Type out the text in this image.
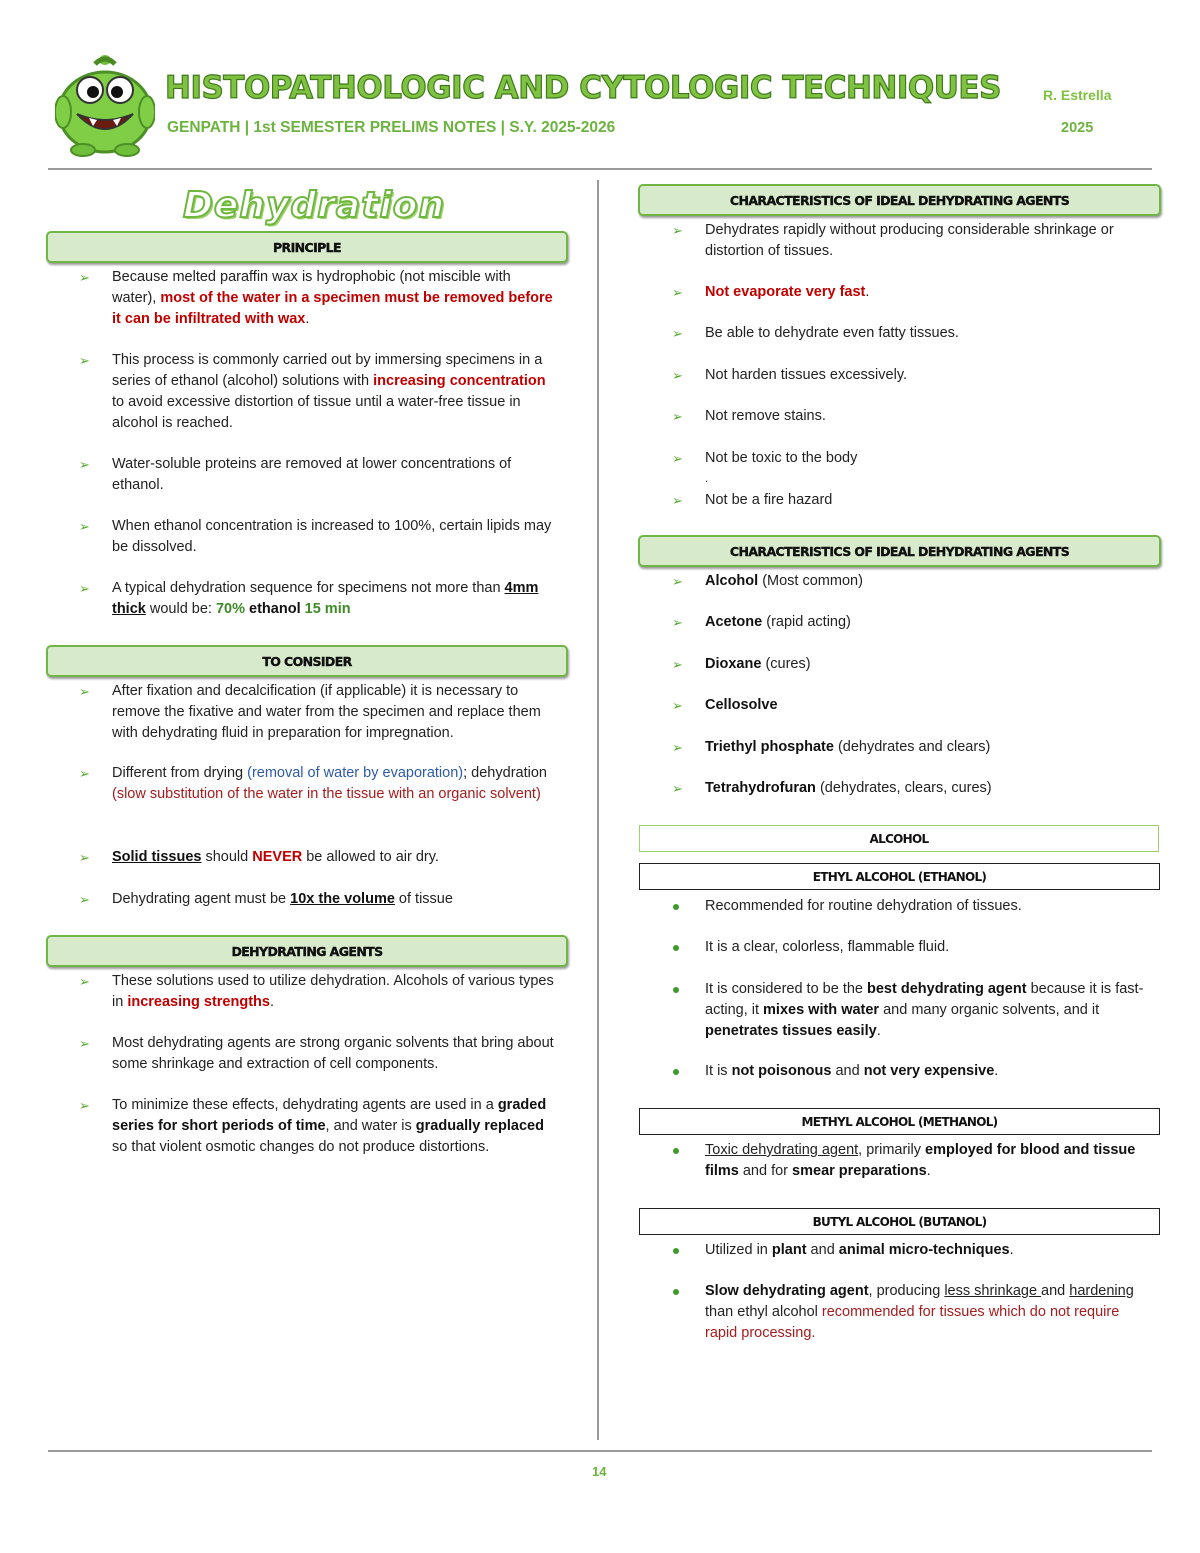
HISTOPATHOLOGIC AND CYTOLOGIC TECHNIQUES
GENPATH | 1st SEMESTER PRELIMS NOTES | S.Y. 2025-2026
R. Estrella
2025
Dehydration
PRINCIPLE
➢ Because melted paraffin wax is hydrophobic (not miscible with water), most of the water in a specimen must be removed before it can be infiltrated with wax.
➢ This process is commonly carried out by immersing specimens in a series of ethanol (alcohol) solutions with increasing concentration to avoid excessive distortion of tissue until a water-free tissue in alcohol is reached.
➢ Water-soluble proteins are removed at lower concentrations of ethanol.
➢ When ethanol concentration is increased to 100%, certain lipids may be dissolved.
➢ A typical dehydration sequence for specimens not more than 4mm thick would be: 70% ethanol 15 min
TO CONSIDER
➢ After fixation and decalcification (if applicable) it is necessary to remove the fixative and water from the specimen and replace them with dehydrating fluid in preparation for impregnation.
➢ Different from drying (removal of water by evaporation); dehydration (slow substitution of the water in the tissue with an organic solvent)
➢ Solid tissues should NEVER be allowed to air dry.
➢ Dehydrating agent must be 10x the volume of tissue
DEHYDRATING AGENTS
➢ These solutions used to utilize dehydration. Alcohols of various types in increasing strengths.
➢ Most dehydrating agents are strong organic solvents that bring about some shrinkage and extraction of cell components.
➢ To minimize these effects, dehydrating agents are used in a graded series for short periods of time, and water is gradually replaced so that violent osmotic changes do not produce distortions.
CHARACTERISTICS OF IDEAL DEHYDRATING AGENTS
➢ Dehydrates rapidly without producing considerable shrinkage or distortion of tissues.
➢ Not evaporate very fast.
➢ Be able to dehydrate even fatty tissues.
➢ Not harden tissues excessively.
➢ Not remove stains.
➢ Not be toxic to the body
.
➢ Not be a fire hazard
CHARACTERISTICS OF IDEAL DEHYDRATING AGENTS
➢ Alcohol (Most common)
➢ Acetone (rapid acting)
➢ Dioxane (cures)
➢ Cellosolve
➢ Triethyl phosphate (dehydrates and clears)
➢ Tetrahydrofuran (dehydrates, clears, cures)
ALCOHOL
ETHYL ALCOHOL (ETHANOL)
Recommended for routine dehydration of tissues.
It is a clear, colorless, flammable fluid.
It is considered to be the best dehydrating agent because it is fast-acting, it mixes with water and many organic solvents, and it penetrates tissues easily.
It is not poisonous and not very expensive.
METHYL ALCOHOL (METHANOL)
Toxic dehydrating agent, primarily employed for blood and tissue films and for smear preparations.
BUTYL ALCOHOL (BUTANOL)
Utilized in plant and animal micro-techniques.
Slow dehydrating agent, producing less shrinkage and hardening than ethyl alcohol recommended for tissues which do not require rapid processing.
14
